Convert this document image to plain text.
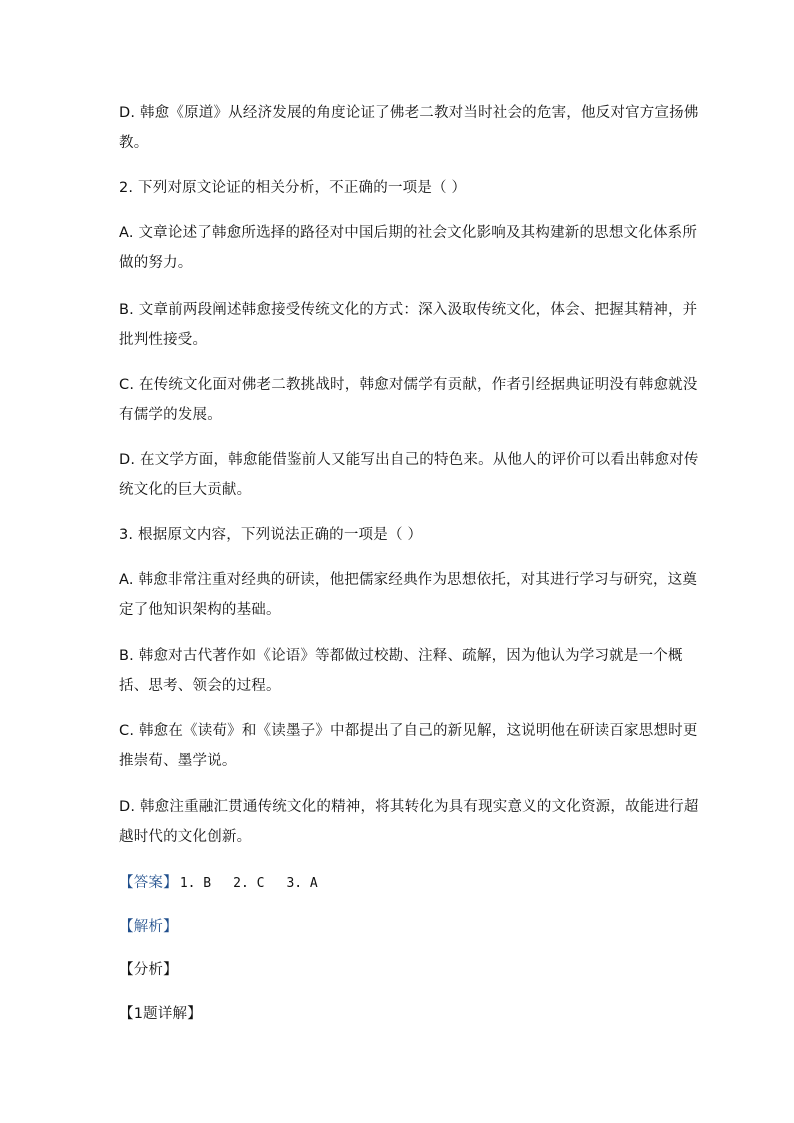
D. 韩愈《原道》从经济发展的角度论证了佛老二教对当时社会的危害，他反对官方宣扬佛
教。
2. 下列对原文论证的相关分析，不正确的一项是（ ）
A. 文章论述了韩愈所选择的路径对中国后期的社会文化影响及其构建新的思想文化体系所
做的努力。
B. 文章前两段阐述韩愈接受传统文化的方式：深入汲取传统文化，体会、把握其精神，并
批判性接受。
C. 在传统文化面对佛老二教挑战时，韩愈对儒学有贡献，作者引经据典证明没有韩愈就没
有儒学的发展。
D. 在文学方面，韩愈能借鉴前人又能写出自己的特色来。从他人的评价可以看出韩愈对传
统文化的巨大贡献。
3. 根据原文内容，下列说法正确的一项是（ ）
A. 韩愈非常注重对经典的研读，他把儒家经典作为思想依托，对其进行学习与研究，这奠
定了他知识架构的基础。
B. 韩愈对古代著作如《论语》等都做过校勘、注释、疏解，因为他认为学习就是一个概
括、思考、领会的过程。
C. 韩愈在《读荀》和《读墨子》中都提出了自己的新见解，这说明他在研读百家思想时更
推崇荀、墨学说。
D. 韩愈注重融汇贯通传统文化的精神，将其转化为具有现实意义的文化资源，故能进行超
越时代的文化创新。
【答案】 1. B 2. C 3. A
【解析】
【分析】
【1题详解】
